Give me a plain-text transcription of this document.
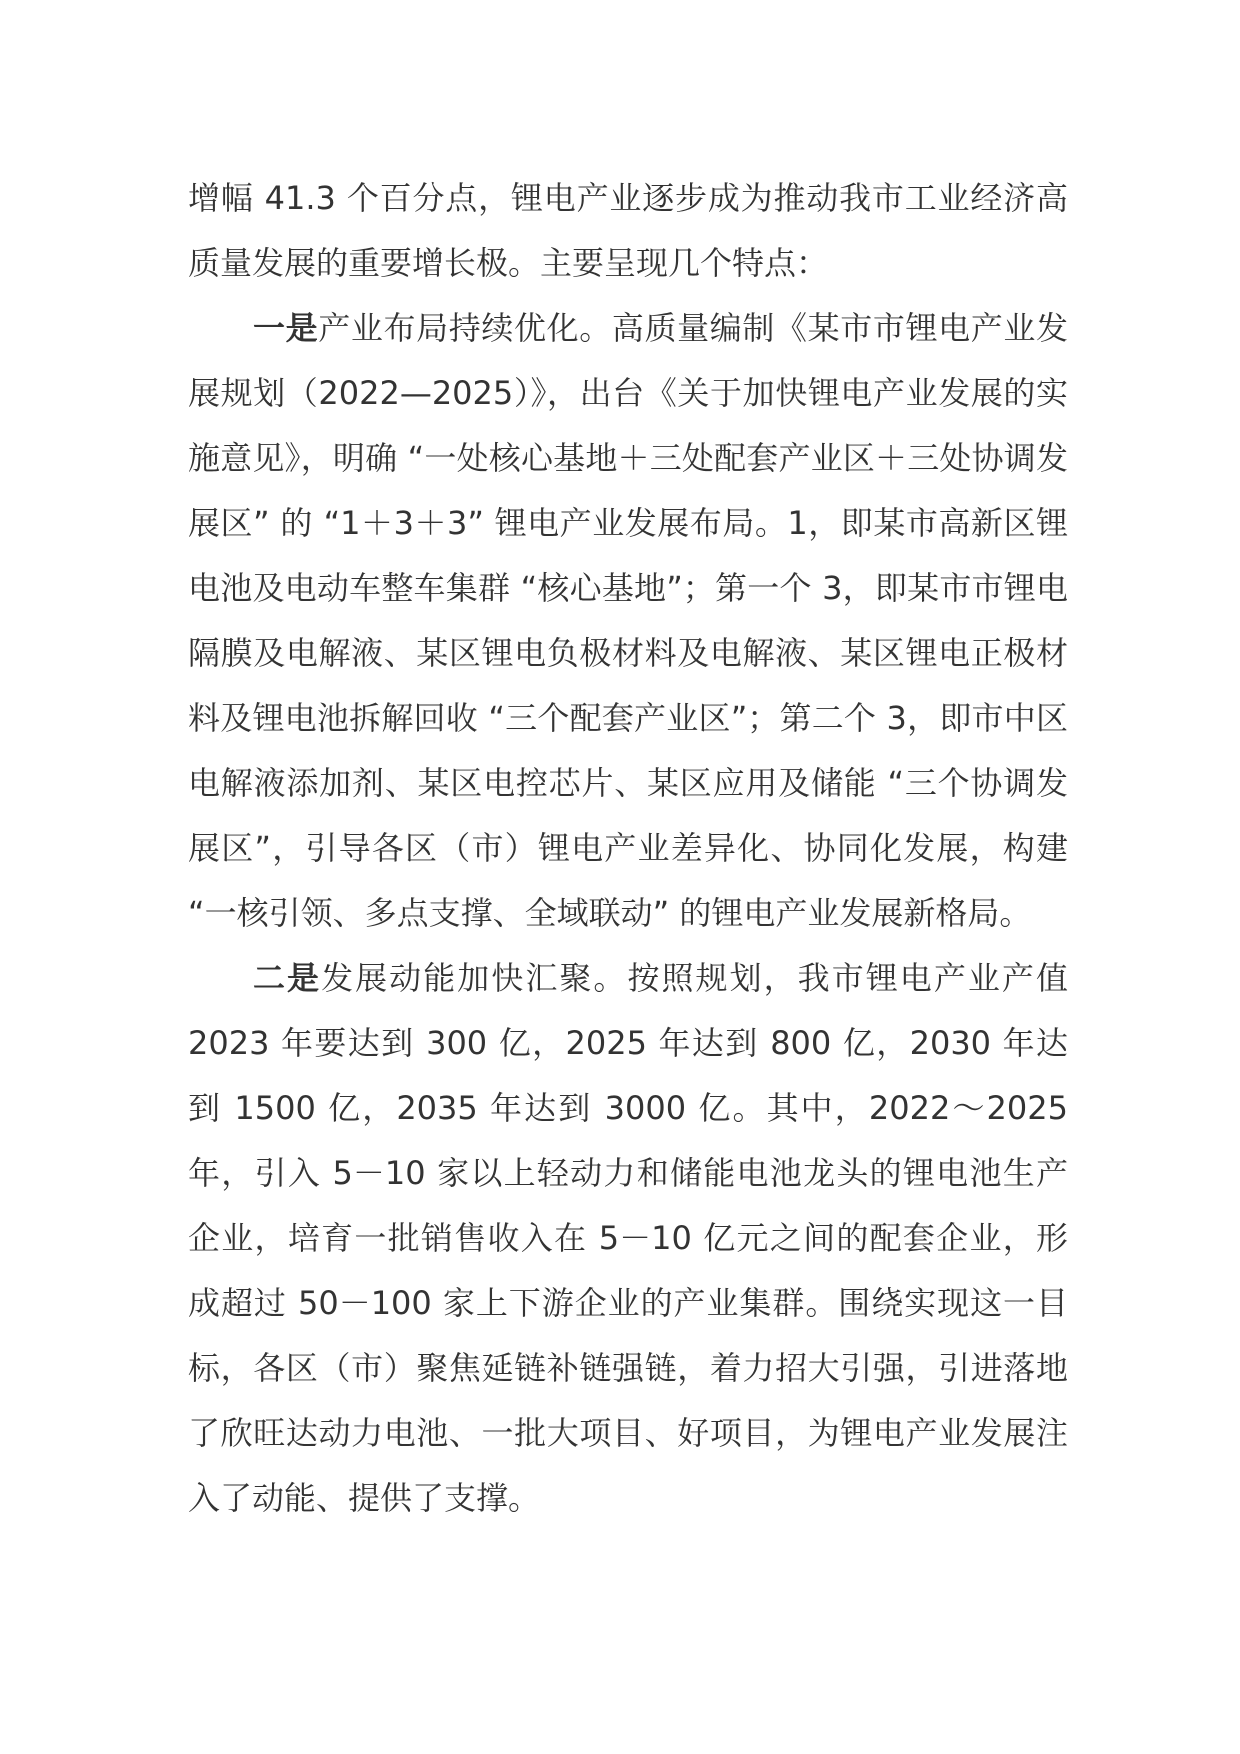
增幅 41.3 个百分点，锂电产业逐步成为推动我市工业经济高质量发展的重要增长极。主要呈现几个特点：

一是产业布局持续优化。高质量编制《某市市锂电产业发展规划（2022—2025）》，出台《关于加快锂电产业发展的实施意见》，明确 “一处核心基地＋三处配套产业区＋三处协调发展区” 的 “1＋3＋3” 锂电产业发展布局。1，即某市高新区锂电池及电动车整车集群 “核心基地”；第一个 3，即某市市锂电隔膜及电解液、某区锂电负极材料及电解液、某区锂电正极材料及锂电池拆解回收 “三个配套产业区”；第二个 3，即市中区电解液添加剂、某区电控芯片、某区应用及储能 “三个协调发展区”，引导各区（市）锂电产业差异化、协同化发展，构建 “一核引领、多点支撑、全域联动” 的锂电产业发展新格局。

二是发展动能加快汇聚。按照规划，我市锂电产业产值 2023 年要达到 300 亿，2025 年达到 800 亿，2030 年达到 1500 亿，2035 年达到 3000 亿。其中，2022～2025 年，引入 5－10 家以上轻动力和储能电池龙头的锂电池生产企业，培育一批销售收入在 5－10 亿元之间的配套企业，形成超过 50－100 家上下游企业的产业集群。围绕实现这一目标，各区（市）聚焦延链补链强链，着力招大引强，引进落地了欣旺达动力电池、一批大项目、好项目，为锂电产业发展注入了动能、提供了支撑。
